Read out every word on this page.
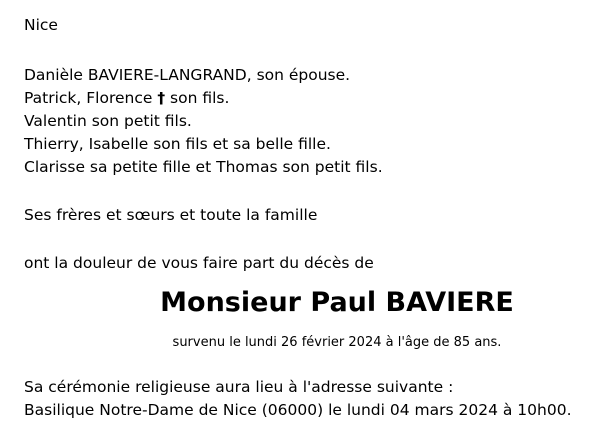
Nice
Danièle BAVIERE-LANGRAND, son épouse.
Patrick, Florence † son fils.
Valentin son petit fils.
Thierry, Isabelle son fils et sa belle fille.
Clarisse sa petite fille et Thomas son petit fils.
Ses frères et sœurs et toute la famille
ont la douleur de vous faire part du décès de
Monsieur Paul BAVIERE
survenu le lundi 26 février 2024 à l'âge de 85 ans.
Sa cérémonie religieuse aura lieu à l'adresse suivante :
Basilique Notre-Dame de Nice (06000) le lundi 04 mars 2024 à 10h00.
